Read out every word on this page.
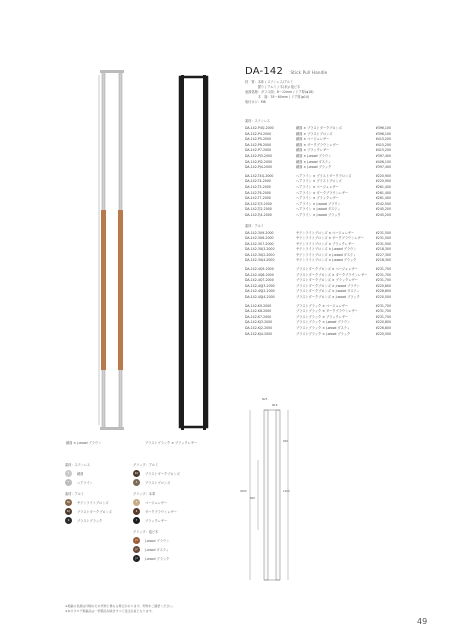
DA-142 Stick Pull Handle
材　質：本体 / ステンレス/アルミ
　　　　握り / アルミ / 木(米)/ 塩ビ木
表面処理：ガラス面：8〜12mm / ドア厚(φ18)
　　　　木　面：35〜60mm / ドア厚(φ10)
取付ネジ：M8
素材：ステンレス
DA-142-P4Q-2000	鏡面 × ブラストダークブロンズ	¥396,100
DA-142-P4-2000	鏡面 × ブラストブロンズ	¥396,100
DA-142-P5-2000	鏡面 × ベージュレザー	¥415,200
DA-142-P6-2000	鏡面 × ダークブラウンレザー	¥415,200
DA-142-P7-2000	鏡面 × ブラックレザー	¥415,200
DA-142-PJ3-2000	鏡面 × J-wood ブラウン	¥397,400
DA-142-PJ2-2000	鏡面 × J-wood ダスティ	¥406,100
DA-142-PJ4-2000	鏡面 × J-wood ブラック	¥397,400
DA-142-T4Q-2000	ヘアライン × ブラストダークブロンズ	¥220,900
DA-142-T4-2000	ヘアライン × ブラストブロンズ	¥220,900
DA-142-T5-2000	ヘアライン × ベージュレザー	¥261,400
DA-142-T6-2000	ヘアライン × ダークブラウンレザー	¥261,400
DA-142-T7-2000	ヘアライン × ブラックレザー	¥261,400
DA-142-TJ3-2000	ヘアライン × J-wood ブラウン	¥242,500
DA-142-TJ2-2000	ヘアライン × J-wood ダスティ	¥245,200
DA-142-TJ4-2000	ヘアライン × J-wood ブラック	¥245,200
素材：アルミ
DA-142-3U9-2000	サテンライトブロンズ × ベージュレザー	¥231,500
DA-142-3U6-2000	サテンライトブロンズ × ダークブラウンレザー	¥231,500
DA-142-3U7-2000	サテンライトブロンズ × ブラックレザー	¥231,500
DA-142-3UJ3-2000	サテンライトブロンズ × J-wood ブラウン	¥218,300
DA-142-3UJ2-2000	サテンライトブロンズ × J-wood ダスティ	¥227,300
DA-142-3UJ4-2000	サテンライトブロンズ × J-wood ブラック	¥218,300
DA-142-4Q9-2000	ブラストダークブロンズ × ベージュレザー	¥231,700
DA-142-4Q6-2000	ブラストダークブロンズ × ダークブラウンレザー	¥231,700
DA-142-4Q7-2000	ブラストダークブロンズ × ブラックレザー	¥231,700
DA-142-4QJ3-2000	ブラストダークブロンズ × J-wood ブラウン	¥220,800
DA-142-4QJ2-2000	ブラストダークブロンズ × J-wood ダスティ	¥226,800
DA-142-4QJ4-2000	ブラストダークブロンズ × J-wood ブラック	¥220,500
DA-142-K9-2000	ブラストブラック × ベージュレザー	¥231,700
DA-142-K8-2000	ブラストブラック × ダークブラウンレザー	¥231,700
DA-142-K7-2000	ブラストブラック × ブラックレザー	¥231,700
DA-142-KJ3-2000	ブラストブラック × J-wood ブラウン	¥220,800
DA-142-KJ2-2000	ブラストブラック × J-wood ダスティ	¥226,800
DA-142-KJ4-2000	ブラストブラック × J-wood ブラック	¥220,500
鏡面 × J-wood ブラウン	ブラストブラック × ブラックレザー
Φ25
Φ18
2000
800
1400
600
素材：ステンレス
P	鏡面
T	ヘアライン
素材：アルミ
3U	サテンライトブロンズ
4Q	ブラストダークブロンズ
K	ブラストブラック
グリップ：アルミ
4Q	ブラストダークブロンズ
4	ブラストブロンズ
グリップ：本革
5	ベージュレザー
6	ダークブラウンレザー
7	ブラックレザー
グリップ：塩ビ木
J3	J-wood ブラウン
J2	J-wood ダスティ
J4	J-wood ブラック
※掲載の色調は印刷のため実物と異なる場合があります。実物をご確認ください。
※本カタログ掲載品は一部製品を除きすべて受注生産となります。
49
